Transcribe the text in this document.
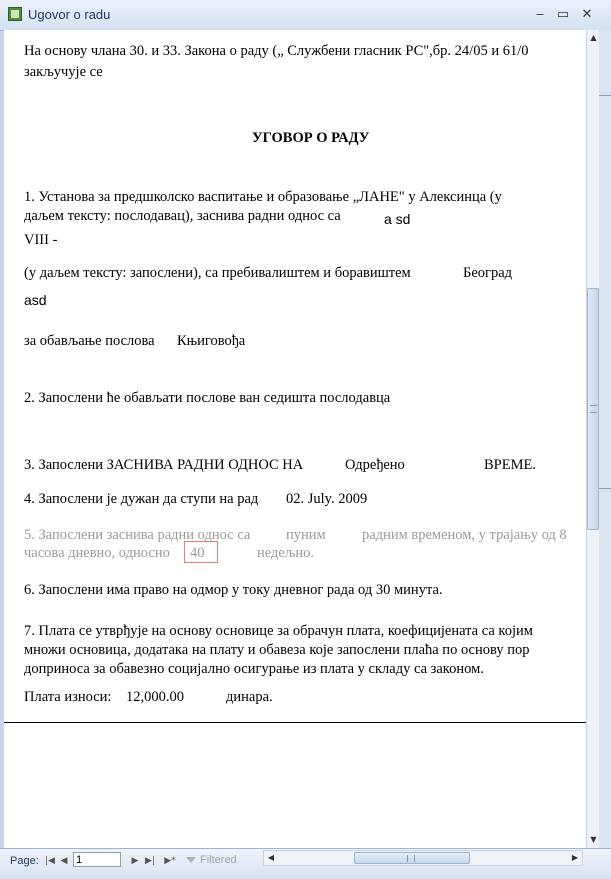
Ugovor o radu	–	▭ ✕
На основу члана 30. и 33. Закона о раду („ Службени гласник РС",бр. 24/05 и 61/0
закључује се
УГОВОР О РАДУ
1. Установа за предшколско васпитање и образовање „ЛАНЕ" у Алексинца (у
даљем тексту: послодавац), заснива радни однос са	a sd
VIII -
(у даљем тексту: запослени), са пребивалиштем и боравиштем	Београд
asd
за обављање послова Књиговођа
2. Запослени ће обављати послове ван седишта послодавца
3. Запослени ЗАСНИВА РАДНИ ОДНОС НА	Одређено	ВРЕМЕ.
4. Запослени је дужан да ступи на рад 02. July. 2009
5. Запослени заснива радни однос са пуним	радним временом, у трајању од 8
часова дневно, односно 40	недељно.
6. Запослени има право на одмор у току дневног рада од 30 минута.
7. Плата се утврђује на основу основице за обрачун плата, коефицијената са којим
множи основица, додатака на плату и обавеза које запослени плаћа по основу пор
доприноса за обавезно социјално осигурање из плата у складу са законом.
Плата износи: 12,000.00	динара.
▲
▼
Page: |◀ ◀ 1	▶ ▶| ▶*	Filtered	◀	▶
